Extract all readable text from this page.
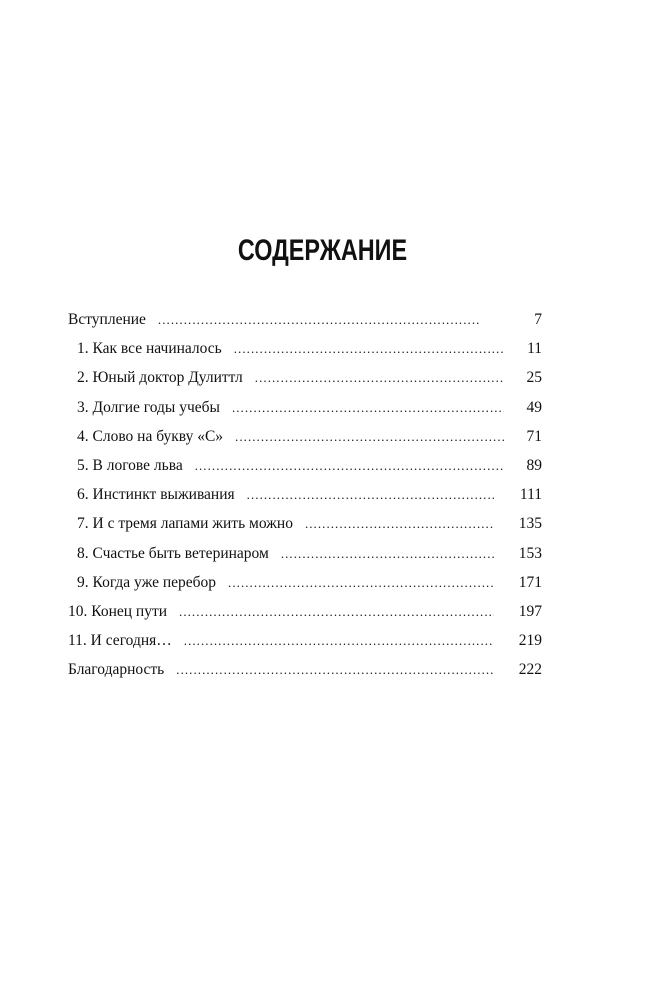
СОДЕРЖАНИЕ
Вступление . . .	7
1. Как все начиналось . . .	11
2. Юный доктор Дулиттл . . .	25
3. Долгие годы учебы . . .	49
4. Слово на букву «С» . . .	71
5. В логове льва . . .	89
6. Инстинкт выживания . . .	111
7. И с тремя лапами жить можно . . .	135
8. Счастье быть ветеринаром . . .	153
9. Когда уже перебор . . .	171
10. Конец пути . . .	197
11. И сегодня… . . .	219
Благодарность . . .	222
